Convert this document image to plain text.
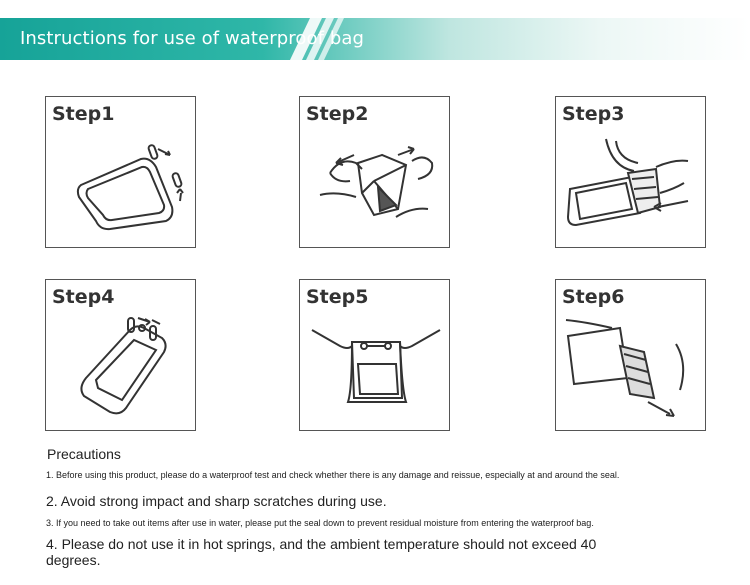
Instructions for use of waterproof bag
Step1	Step2	Step3
Step4	Step5	Step6
Precautions
1. Before using this product, please do a waterproof test and check whether there is any damage and reissue, especially at and around the seal.
2. Avoid strong impact and sharp scratches during use.
3. If you need to take out items after use in water, please put the seal down to prevent residual moisture from entering the waterproof bag.
4. Please do not use it in hot springs, and the ambient temperature should not exceed 40 degrees.
